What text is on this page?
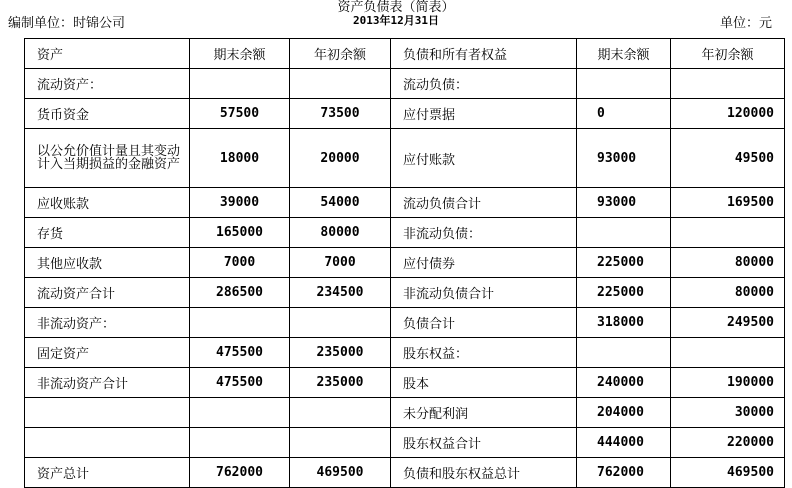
资产负债表（简表）
2013年12月31日
编制单位：时锦公司	单位：元
资产	期末余额	年初余额	负债和所有者权益	期末余额	年初余额
流动资产：			流动负债：		
货币资金	57500	73500	应付票据	0	120000

以公允价值计量且其变动计入当期损益的金融资产	18000	20000	应付账款	93000	49500
应收账款	39000	54000	流动负债合计	93000	169500
存货	165000	80000	非流动负债：		
其他应收款	7000	7000	应付债券	225000	80000
流动资产合计	286500	234500	非流动负债合计	225000	80000
非流动资产：			负债合计	318000	249500
固定资产	475500	235000	股东权益：		
非流动资产合计	475500	235000	股本	240000	190000
			未分配利润	204000	30000
			股东权益合计	444000	220000
资产总计	762000	469500	负债和股东权益总计	762000	469500
